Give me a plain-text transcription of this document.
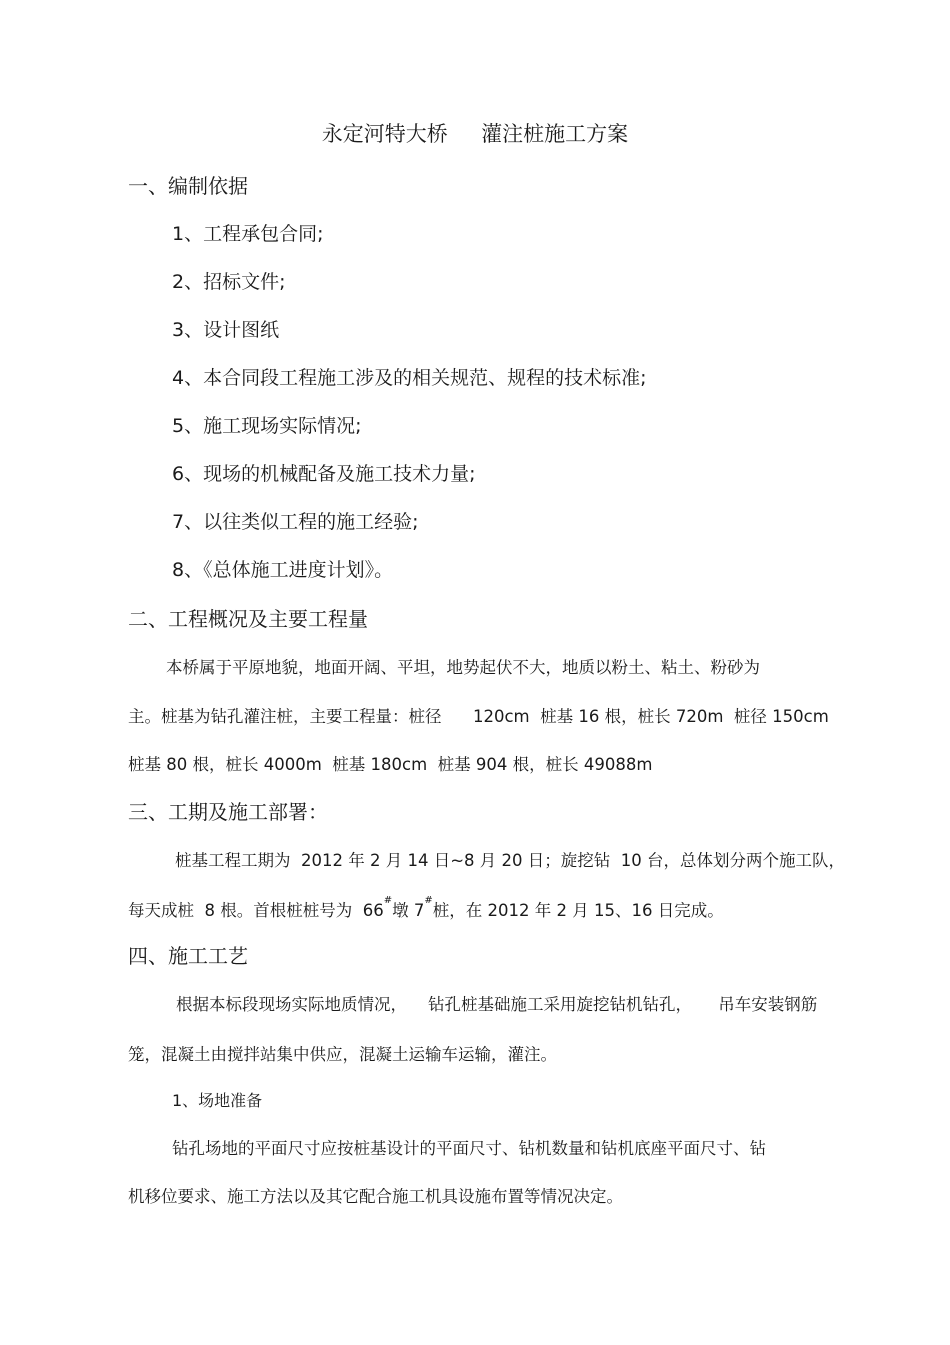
永定河特大桥     灌注桩施工方案
一、编制依据
1、工程承包合同;
2、招标文件;
3、设计图纸
4、本合同段工程施工涉及的相关规范、规程的技术标准;
5、施工现场实际情况;
6、现场的机械配备及施工技术力量;
7、以往类似工程的施工经验;
8、《总体施工进度计划》。
二、工程概况及主要工程量
本桥属于平原地貌，地面开阔、平坦，地势起伏不大，地质以粉土、粘土、粉砂为
主。桩基为钻孔灌注桩，主要工程量：桩径      120cm  桩基 16 根，桩长 720m  桩径 150cm
桩基 80 根，桩长 4000m  桩基 180cm  桩基 904 根，桩长 49088m
三、工期及施工部署：
桩基工程工期为  2012 年 2 月 14 日~8 月 20 日；旋挖钻  10 台，总体划分两个施工队，
每天成桩  8 根。首根桩桩号为  66#墩 7#桩，在 2012 年 2 月 15、16 日完成。
四、施工工艺
根据本标段现场实际地质情况，    钻孔桩基础施工采用旋挖钻机钻孔，     吊车安装钢筋
笼，混凝土由搅拌站集中供应，混凝土运输车运输，灌注。
1、场地准备
钻孔场地的平面尺寸应按桩基设计的平面尺寸、钻机数量和钻机底座平面尺寸、钻
机移位要求、施工方法以及其它配合施工机具设施布置等情况决定。
